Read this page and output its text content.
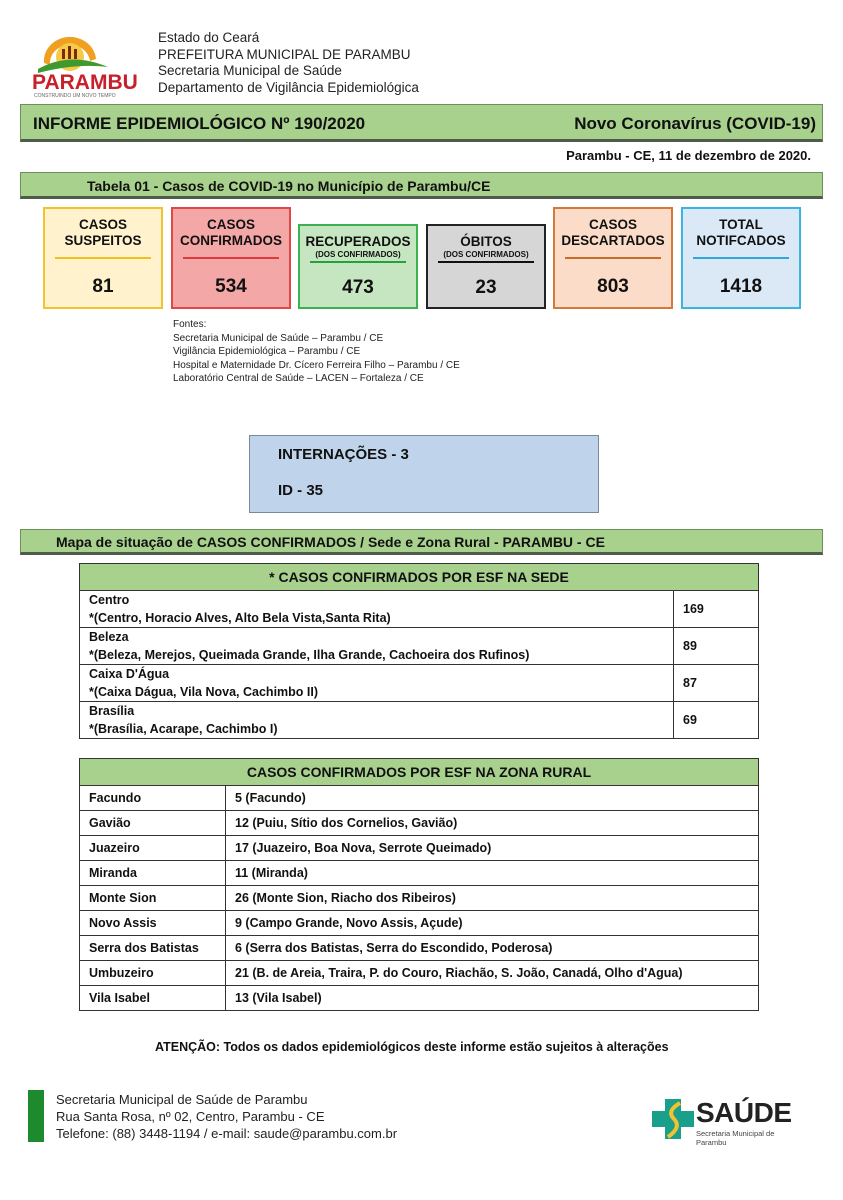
PARAMBU
CONSTRUINDO UM NOVO TEMPO
Estado do Ceará
PREFEITURA MUNICIPAL DE PARAMBU
Secretaria Municipal de Saúde
Departamento de Vigilância Epidemiológica
INFORME EPIDEMIOLÓGICO Nº 190/2020	Novo Coronavírus (COVID-19)
Parambu - CE, 11 de dezembro de 2020.
Tabela 01 - Casos de COVID-19 no Município de Parambu/CE
CASOS
SUSPEITOS
81
CASOS
CONFIRMADOS
534
RECUPERADOS
(DOS CONFIRMADOS)
473
ÓBITOS
(DOS CONFIRMADOS)
23
CASOS
DESCARTADOS
803
TOTAL
NOTIFCADOS
1418
Fontes:
Secretaria Municipal de Saúde – Parambu / CE
Vigilância Epidemiológica – Parambu / CE
Hospital e Maternidade Dr. Cícero Ferreira Filho – Parambu / CE
Laboratório Central de Saúde – LACEN – Fortaleza / CE
INTERNAÇÕES - 3
ID - 35
Mapa de situação de CASOS CONFIRMADOS / Sede e Zona Rural - PARAMBU - CE
* CASOS CONFIRMADOS POR ESF NA SEDE	

Centro
*(Centro, Horacio Alves, Alto Bela Vista,Santa Rita)	169

Beleza
*(Beleza, Merejos, Queimada Grande, Ilha Grande, Cachoeira dos Rufinos)	89

Caixa D'Água
*(Caixa Dágua, Vila Nova, Cachimbo II)	87

Brasília
*(Brasília, Acarape, Cachimbo I)	69
CASOS CONFIRMADOS POR ESF NA ZONA RURAL	
Facundo	5 (Facundo)
Gavião	12 (Puiu, Sítio dos Cornelios, Gavião)
Juazeiro	17 (Juazeiro, Boa Nova, Serrote Queimado)
Miranda	11 (Miranda)
Monte Sion	26 (Monte Sion, Riacho dos Ribeiros)
Novo Assis	9 (Campo Grande, Novo Assis, Açude)
Serra dos Batistas	6 (Serra dos Batistas, Serra do Escondido, Poderosa)
Umbuzeiro	21 (B. de Areia, Traira, P. do Couro, Riachão, S. João, Canadá, Olho d'Agua)
Vila Isabel	13 (Vila Isabel)
ATENÇÃO: Todos os dados epidemiológicos deste informe estão sujeitos à alterações
Secretaria Municipal de Saúde de Parambu
Rua Santa Rosa, nº 02, Centro, Parambu - CE
Telefone: (88) 3448-1194 / e-mail: saude@parambu.com.br
SAÚDE
Secretaria Municipal de Parambu
